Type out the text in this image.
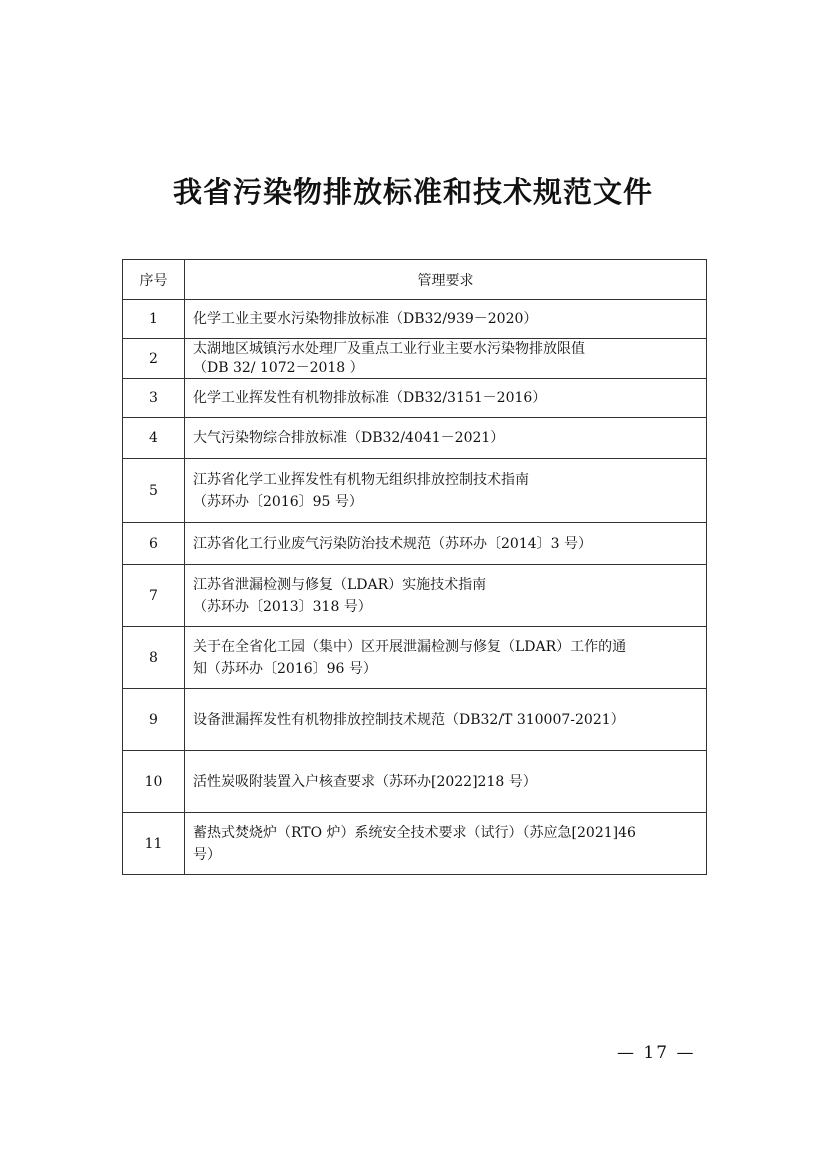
我省污染物排放标准和技术规范文件
序号	管理要求
1	化学工业主要水污染物排放标准（DB32/939－2020）

2	太湖地区城镇污水处理厂及重点工业行业主要水污染物排放限值
（DB 32/ 1072－2018 ）

3	化学工业挥发性有机物排放标准（DB32/3151－2016）

4	大气污染物综合排放标准（DB32/4041－2021）

5	江苏省化学工业挥发性有机物无组织排放控制技术指南
（苏环办〔2016〕95 号）

6	江苏省化工行业废气污染防治技术规范（苏环办〔2014〕3 号）

7	江苏省泄漏检测与修复（LDAR）实施技术指南
（苏环办〔2013〕318 号）

8	关于在全省化工园（集中）区开展泄漏检测与修复（LDAR）工作的通
知（苏环办〔2016〕96 号）

9	设备泄漏挥发性有机物排放控制技术规范（DB32/T 310007-2021）

10	活性炭吸附装置入户核查要求（苏环办[2022]218 号）

11	蓄热式焚烧炉（RTO 炉）系统安全技术要求（试行）（苏应急[2021]46
号）
— 17 —
